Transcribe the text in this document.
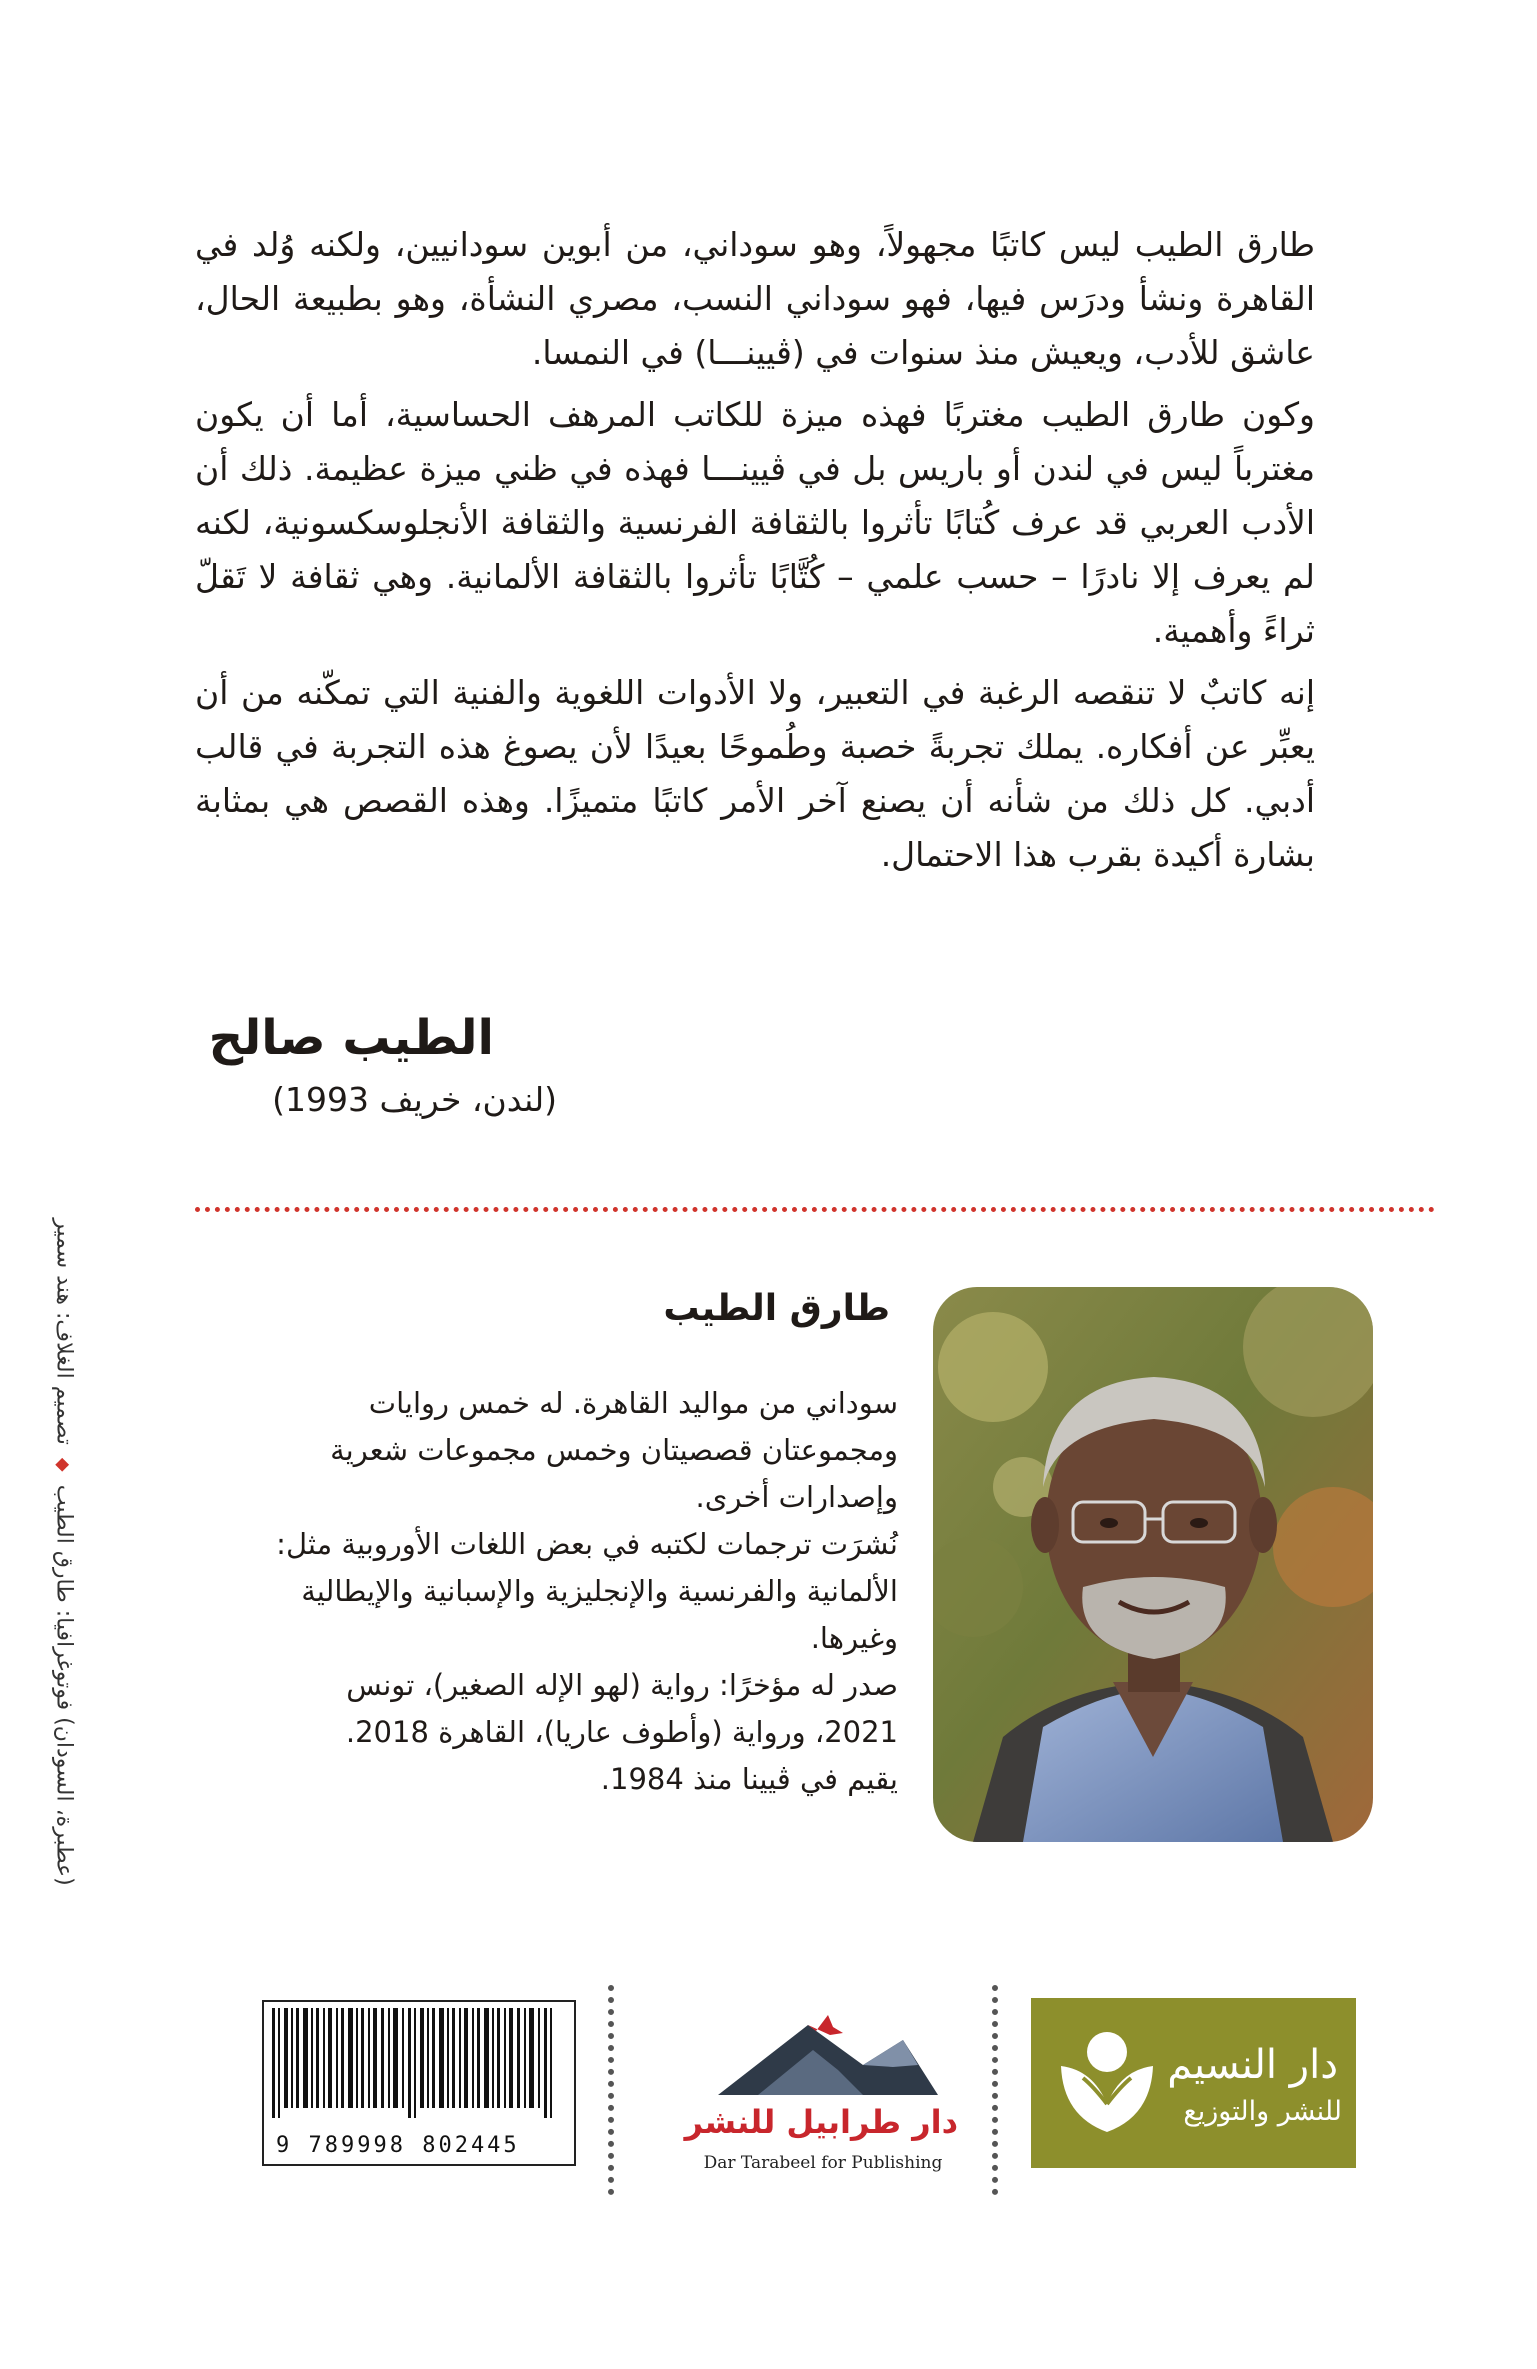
طارق الطيب ليس كاتبًا مجهولاً، وهو سوداني، من أبوين سودانيين، ولكنه وُلد في القاهرة ونشأ ودرَس فيها، فهو سوداني النسب، مصري النشأة، وهو بطبيعة الحال، عاشق للأدب، ويعيش منذ سنوات في (ڤيينـــا) في النمسا.

وكون طارق الطيب مغتربًا فهذه ميزة للكاتب المرهف الحساسية، أما أن يكون مغترباً ليس في لندن أو باريس بل في ڤيينـــا فهذه في ظني ميزة عظيمة. ذلك أن الأدب العربي قد عرف كُتابًا تأثروا بالثقافة الفرنسية والثقافة الأنجلوسكسونية، لكنه لم يعرف إلا نادرًا – حسب علمي – كُتَّابًا تأثروا بالثقافة الألمانية. وهي ثقافة لا تَقلّ ثراءً وأهمية.

إنه كاتبٌ لا تنقصه الرغبة في التعبير، ولا الأدوات اللغوية والفنية التي تمكّنه من أن يعبِّر عن أفكاره. يملك تجربةً خصبة وطُموحًا بعيدًا لأن يصوغ هذه التجربة في قالب أدبي. كل ذلك من شأنه أن يصنع آخر الأمر كاتبًا متميزًا. وهذه القصص هي بمثابة بشارة أكيدة بقرب هذا الاحتمال.

الطيب صالح
(لندن، خريف 1993)
(عطبرة، السودان) فوتوغرافيا: طارق الطيب ◆ تصميم الغلاف: هند سمير	طارق الطيب

سوداني من مواليد القاهرة. له خمس روايات ومجموعتان قصصيتان وخمس مجموعات شعرية وإصدارات أخرى.

نُشرَت ترجمات لكتبه في بعض اللغات الأوروبية مثل: الألمانية والفرنسية والإنجليزية والإسبانية والإيطالية وغيرها.

صدر له مؤخرًا: رواية (لهو الإله الصغير)، تونس 2021، ورواية (وأطوف عاريا)، القاهرة 2018.

يقيم في ڤيينا منذ 1984.

9 789998 802445
دار طرابيل للنشر
Dar Tarabeel for Publishing
دار النسيم
للنشر والتوزيع
